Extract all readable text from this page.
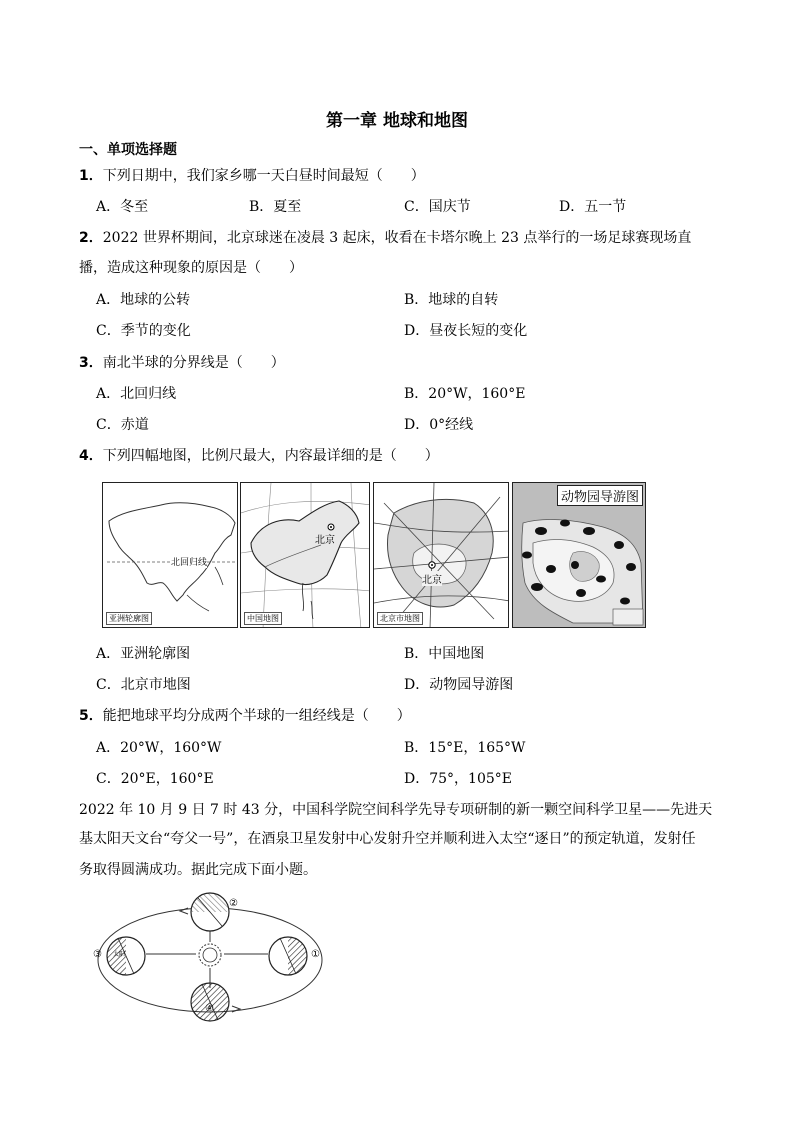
第一章 地球和地图
一、单项选择题
1．下列日期中，我们家乡哪一天白昼时间最短（　　）
A．冬至	B．夏至	C．国庆节	D．五一节
2．2022 世界杯期间，北京球迷在凌晨 3 起床，收看在卡塔尔晚上 23 点举行的一场足球赛现场直
播，造成这种现象的原因是（　　）
A．地球的公转	B．地球的自转
C．季节的变化	D．昼夜长短的变化
3．南北半球的分界线是（　　）
A．北回归线	B．20°W，160°E
C．赤道	D．0°经线
4．下列四幅地图，比例尺最大，内容最详细的是（　　）
北回归线
亚洲轮廓图
北京
中国地图
北京
北京市地图
动物园导游图
A．亚洲轮廓图	B．中国地图
C．北京市地图	D．动物园导游图
5．能把地球平均分成两个半球的一组经线是（　　）
A．20°W，160°W	B．15°E，165°W
C．20°E，160°E	D．75°，105°E
2022 年 10 月 9 日 7 时 43 分，中国科学院空间科学先导专项研制的新一颗空间科学卫星——先进天
基太阳天文台“夸父一号”，在酒泉卫星发射中心发射升空并顺利进入太空“逐日”的预定轨道，发射任
务取得圆满成功。据此完成下面小题。
太阳	①
②
③
④
